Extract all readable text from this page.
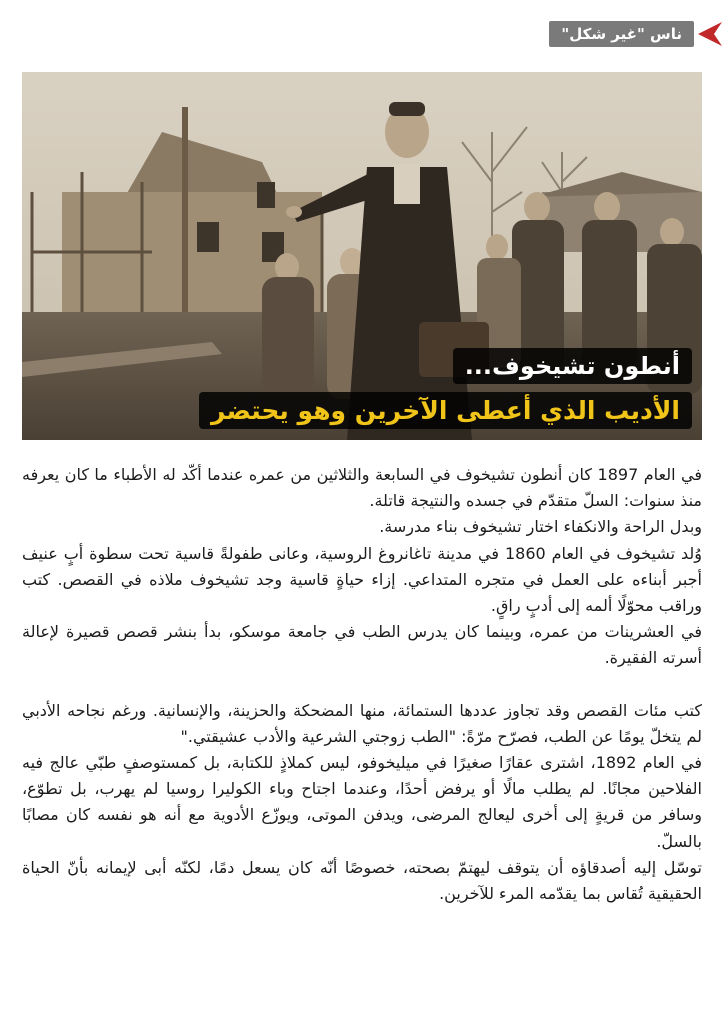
ناس "غير شكل"
أنطون تشيخوف...
الأديب الذي أعطى الآخرين وهو يحتضر

في العام 1897 كان أنطون تشيخوف في السابعة والثلاثين من عمره عندما أكّد له الأطباء ما كان يعرفه منذ سنوات: السلّ متقدّم في جسده والنتيجة قاتلة.

وبدل الراحة والانكفاء اختار تشيخوف بناء مدرسة.

وُلد تشيخوف في العام 1860 في مدينة تاغانروغ الروسية، وعانى طفولةً قاسية تحت سطوة أبٍ عنيف أجبر أبناءه على العمل في متجره المتداعي. إزاء حياةٍ قاسية وجد تشيخوف ملاذه في القصص. كتب وراقب محوّلًا ألمه إلى أدبٍ راقٍ.

في العشرينات من عمره، وبينما كان يدرس الطب في جامعة موسكو، بدأ بنشر قصص قصيرة لإعالة أسرته الفقيرة.

كتب مئات القصص وقد تجاوز عددها الستمائة، منها المضحكة والحزينة، والإنسانية. ورغم نجاحه الأدبي لم يتخلّ يومًا عن الطب، فصرّح مرّةً: "الطب زوجتي الشرعية والأدب عشيقتي."

في العام 1892، اشترى عقارًا صغيرًا في ميليخوفو، ليس كملاذٍ للكتابة، بل كمستوصفٍ طبّي عالج فيه الفلاحين مجانًا. لم يطلب مالًا أو يرفض أحدًا، وعندما اجتاح وباء الكوليرا روسيا لم يهرب، بل تطوّع، وسافر من قريةٍ إلى أخرى ليعالج المرضى، ويدفن الموتى، ويوزّع الأدوية مع أنه هو نفسه كان مصابًا بالسلّ.

توسّل إليه أصدقاؤه أن يتوقف ليهتمّ بصحته، خصوصًا أنّه كان يسعل دمًا، لكنّه أبى لإيمانه بأنّ الحياة الحقيقية تُقاس بما يقدّمه المرء للآخرين.
